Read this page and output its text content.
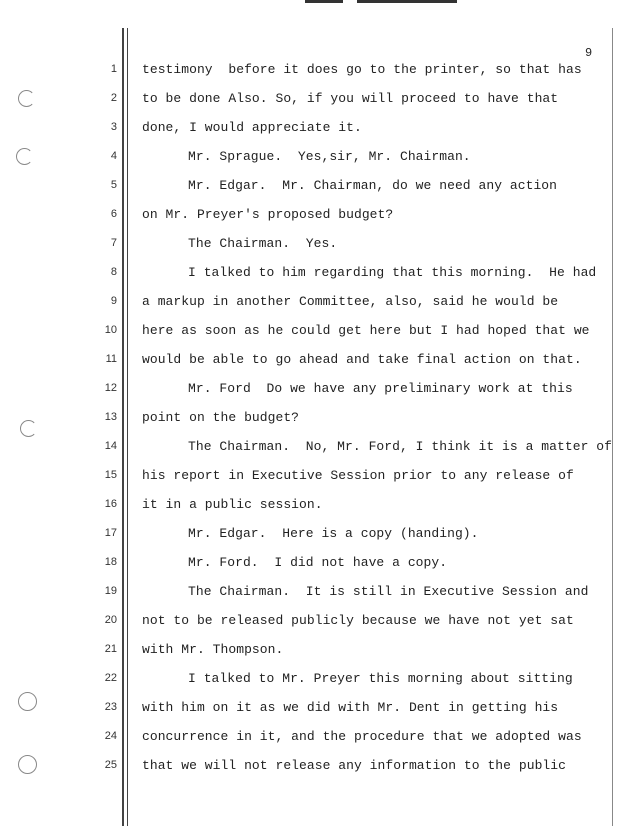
9
1 testimony  before it does go to the printer, so that has
2 to be done Also. So, if you will proceed to have that
3 done, I would appreciate it.
4	Mr. Sprague.  Yes,sir, Mr. Chairman.
5	Mr. Edgar.  Mr. Chairman, do we need any action
6 on Mr. Preyer's proposed budget?
7	The Chairman.  Yes.
8	I talked to him regarding that this morning.  He had
9 a markup in another Committee, also, said he would be
10 here as soon as he could get here but I had hoped that we
11 would be able to go ahead and take final action on that.
12	Mr. Ford  Do we have any preliminary work at this
13 point on the budget?
14	The Chairman.  No, Mr. Ford, I think it is a matter of
15 his report in Executive Session prior to any release of
16 it in a public session.
17	Mr. Edgar.  Here is a copy (handing).
18	Mr. Ford.  I did not have a copy.
19	The Chairman.  It is still in Executive Session and
20 not to be released publicly because we have not yet sat
21 with Mr. Thompson.
22	I talked to Mr. Preyer this morning about sitting
23 with him on it as we did with Mr. Dent in getting his
24 concurrence in it, and the procedure that we adopted was
25 that we will not release any information to the public
